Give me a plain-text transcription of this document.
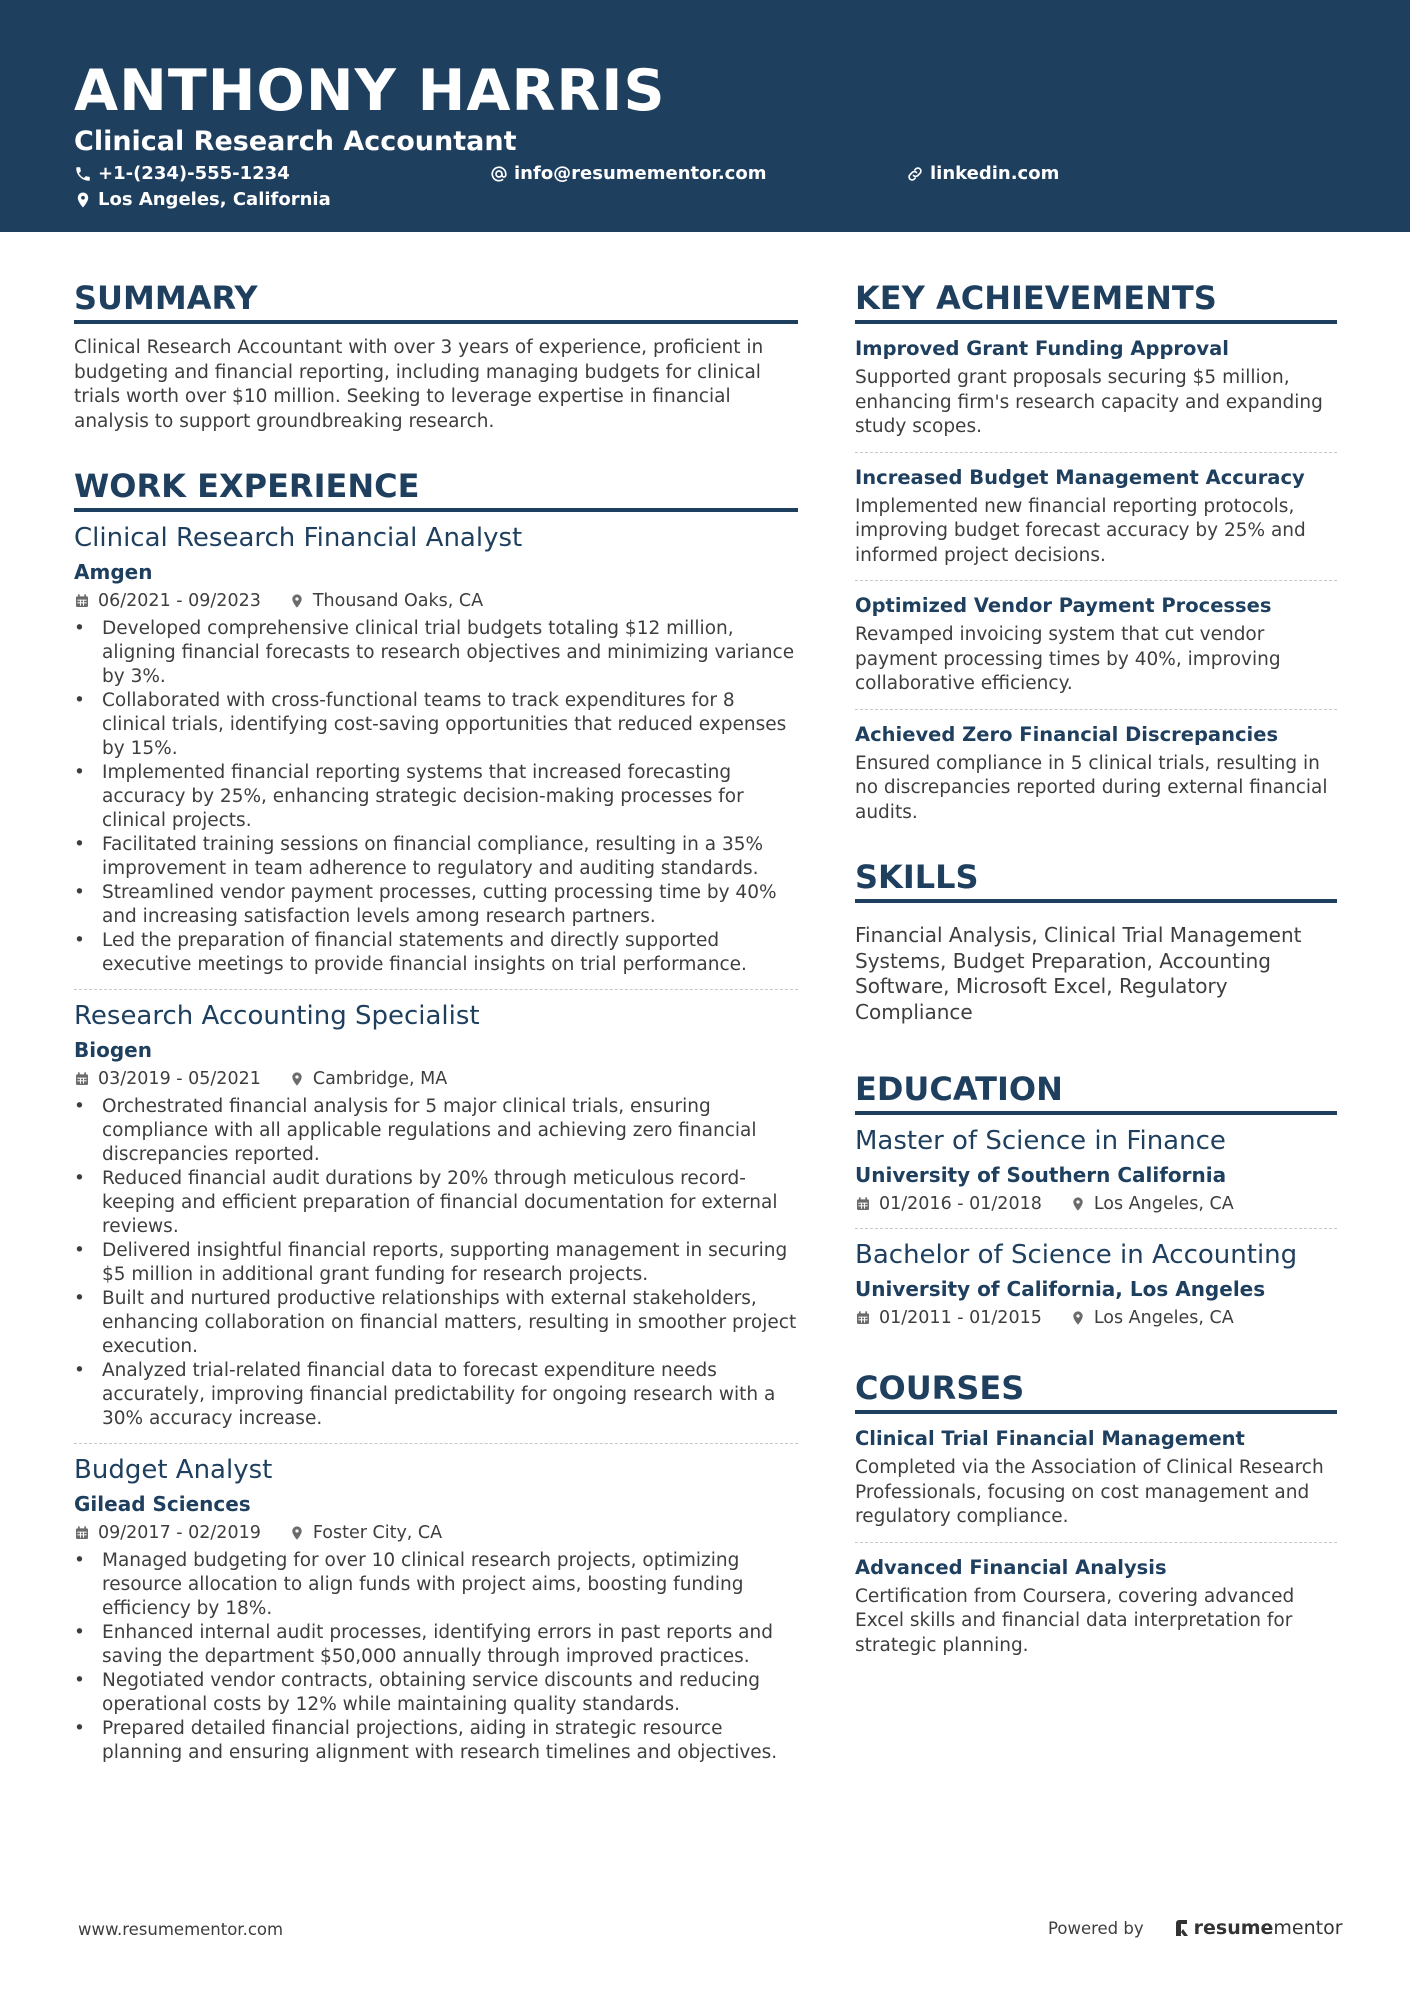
ANTHONY HARRIS
Clinical Research Accountant
+1-(234)-555-1234	info@resumementor.com	linkedin.com
Los Angeles, California
SUMMARY
Clinical Research Accountant with over 3 years of experience, proficient in budgeting and financial reporting, including managing budgets for clinical trials worth over $10 million. Seeking to leverage expertise in financial analysis to support groundbreaking research.
WORK EXPERIENCE
Clinical Research Financial Analyst
Amgen
06/2021 - 09/2023	Thousand Oaks, CA
• Developed comprehensive clinical trial budgets totaling $12 million, aligning financial forecasts to research objectives and minimizing variance by 3%.
• Collaborated with cross-functional teams to track expenditures for 8 clinical trials, identifying cost-saving opportunities that reduced expenses by 15%.
• Implemented financial reporting systems that increased forecasting accuracy by 25%, enhancing strategic decision-making processes for clinical projects.
• Facilitated training sessions on financial compliance, resulting in a 35% improvement in team adherence to regulatory and auditing standards.
• Streamlined vendor payment processes, cutting processing time by 40% and increasing satisfaction levels among research partners.
• Led the preparation of financial statements and directly supported executive meetings to provide financial insights on trial performance.
Research Accounting Specialist
Biogen
03/2019 - 05/2021	Cambridge, MA
• Orchestrated financial analysis for 5 major clinical trials, ensuring compliance with all applicable regulations and achieving zero financial discrepancies reported.
• Reduced financial audit durations by 20% through meticulous record-keeping and efficient preparation of financial documentation for external reviews.
• Delivered insightful financial reports, supporting management in securing $5 million in additional grant funding for research projects.
• Built and nurtured productive relationships with external stakeholders, enhancing collaboration on financial matters, resulting in smoother project execution.
• Analyzed trial-related financial data to forecast expenditure needs accurately, improving financial predictability for ongoing research with a 30% accuracy increase.
Budget Analyst
Gilead Sciences
09/2017 - 02/2019	Foster City, CA
• Managed budgeting for over 10 clinical research projects, optimizing resource allocation to align funds with project aims, boosting funding efficiency by 18%.
• Enhanced internal audit processes, identifying errors in past reports and saving the department $50,000 annually through improved practices.
• Negotiated vendor contracts, obtaining service discounts and reducing operational costs by 12% while maintaining quality standards.
• Prepared detailed financial projections, aiding in strategic resource planning and ensuring alignment with research timelines and objectives.
KEY ACHIEVEMENTS
Improved Grant Funding Approval
Supported grant proposals securing $5 million, enhancing firm's research capacity and expanding study scopes.
Increased Budget Management Accuracy
Implemented new financial reporting protocols, improving budget forecast accuracy by 25% and informed project decisions.
Optimized Vendor Payment Processes
Revamped invoicing system that cut vendor payment processing times by 40%, improving collaborative efficiency.
Achieved Zero Financial Discrepancies
Ensured compliance in 5 clinical trials, resulting in no discrepancies reported during external financial audits.
SKILLS
Financial Analysis, Clinical Trial Management Systems, Budget Preparation, Accounting Software, Microsoft Excel, Regulatory Compliance
EDUCATION
Master of Science in Finance
University of Southern California
01/2016 - 01/2018	Los Angeles, CA
Bachelor of Science in Accounting
University of California, Los Angeles
01/2011 - 01/2015	Los Angeles, CA
COURSES
Clinical Trial Financial Management
Completed via the Association of Clinical Research Professionals, focusing on cost management and regulatory compliance.
Advanced Financial Analysis
Certification from Coursera, covering advanced Excel skills and financial data interpretation for strategic planning.
www.resumementor.com	Powered by	resume mentor
